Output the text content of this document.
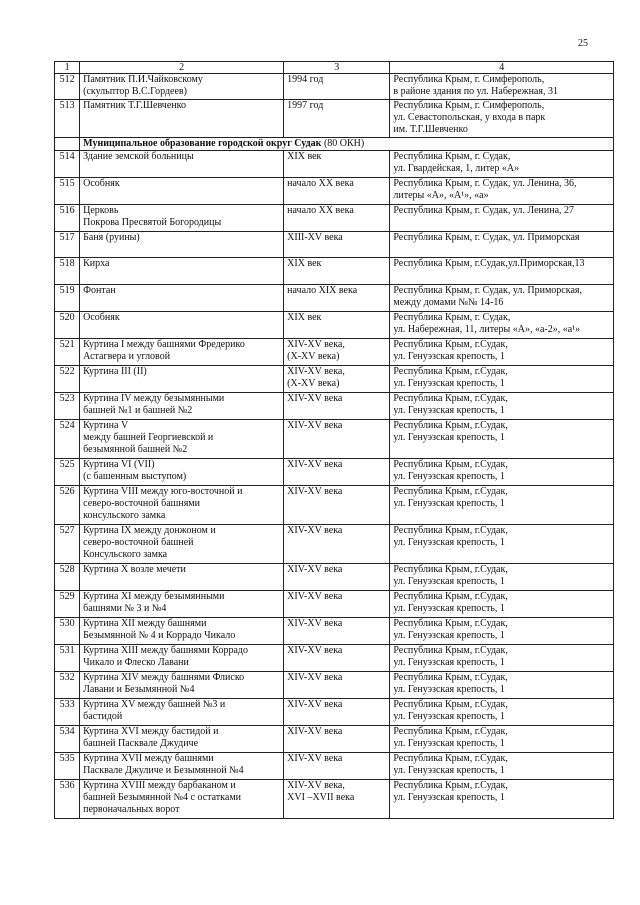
25
1	2	3	4
512	Памятник П.И.Чайковскому
(скульптор В.С.Гордеев)	1994 год	Республика Крым, г. Симферополь,
в районе здания по ул. Набережная, 31

513	Памятник Т.Г.Шевченко	1997 год	Республика Крым, г. Симферополь,
ул. Севастопольская, у входа в парк
им. Т.Г.Шевченко

	Муниципальное образование городской округ Судак (80 ОКН)		
514	Здание земской больницы	XIX век	Республика Крым, г. Судак,
ул. Гвардейская, 1, литер «А»

515	Особняк	начало XX века	Республика Крым, г. Судак, ул. Ленина, 36,
литеры «А», «А¹», «а»

516	Церковь
Покрова Пресвятой Богородицы	начало XX века	Республика Крым, г. Судак, ул. Ленина, 27

517	Баня (руины)	XIII-XV века	Республика Крым, г. Судак, ул. Приморская

518	Кирха	XIX век	Республика Крым, г.Судак,ул.Приморская,13

519	Фонтан	начало XIX века	Республика Крым, г. Судак, ул. Приморская,
между домами №№ 14-16

520	Особняк	XIX век	Республика Крым, г. Судак,
ул. Набережная, 11, литеры «А», «а-2», «а¹»

521	Куртина I между башнями Фредерико
Астагвера и угловой	XIV-XV века,
(X-XV века)	Республика Крым, г.Судак,
ул. Генуэзская крепость, 1

522	Куртина III (II)	XIV-XV века,
(X-XV века)	Республика Крым, г.Судак,
ул. Генуэзская крепость, 1

523	Куртина IV между безымянными
башней №1 и башней №2	XIV-XV века	Республика Крым, г.Судак,
ул. Генуэзская крепость, 1

524	Куртина V
между башней Георгиевской и
безымянной башней №2	XIV-XV века	Республика Крым, г.Судак,
ул. Генуэзская крепость, 1

525	Куртина VI (VII)
(с башенным выступом)	XIV-XV века	Республика Крым, г.Судак,
ул. Генуэзская крепость, 1

526	Куртина VIII между юго-восточной и
северо-восточной башнями
консульского замка	XIV-XV века	Республика Крым, г.Судак,
ул. Генуэзская крепость, 1

527	Куртина IX между донжоном и
северо-восточной башней
Консульского замка	XIV-XV века	Республика Крым, г.Судак,
ул. Генуэзская крепость, 1

528	Куртина X возле мечети	XIV-XV века	Республика Крым, г.Судак,
ул. Генуэзская крепость, 1

529	Куртина XI между безымянными
башнями № 3 и №4	XIV-XV века	Республика Крым, г.Судак,
ул. Генуэзская крепость, 1

530	Куртина XII между башнями
Безымянной № 4 и Коррадо Чикало	XIV-XV века	Республика Крым, г.Судак,
ул. Генуэзская крепость, 1

531	Куртина XIII между башнями Коррадо
Чикало и Флеско Лавани	XIV-XV века	Республика Крым, г.Судак,
ул. Генуэзская крепость, 1

532	Куртина XIV между башнями Флиско
Лавани и Безымянной №4	XIV-XV века	Республика Крым, г.Судак,
ул. Генуэзская крепость, 1

533	Куртина XV между башней №3 и
бастидой	XIV-XV века	Республика Крым, г.Судак,
ул. Генуэзская крепость, 1

534	Куртина XVI между бастидой и
башней Пасквале Джудиче	XIV-XV века	Республика Крым, г.Судак,
ул. Генуэзская крепость, 1

535	Куртина XVII между башнями
Пасквале Джуличе и Безымянной №4	XIV-XV века	Республика Крым, г.Судак,
ул. Генуэзская крепость, 1

536	Куртина XVIII между барбаканом и
башней Безымянной №4 с остатками
первоначальных ворот	XIV-XV века,
XVI –XVII века	Республика Крым, г.Судак,
ул. Генуэзская крепость, 1
